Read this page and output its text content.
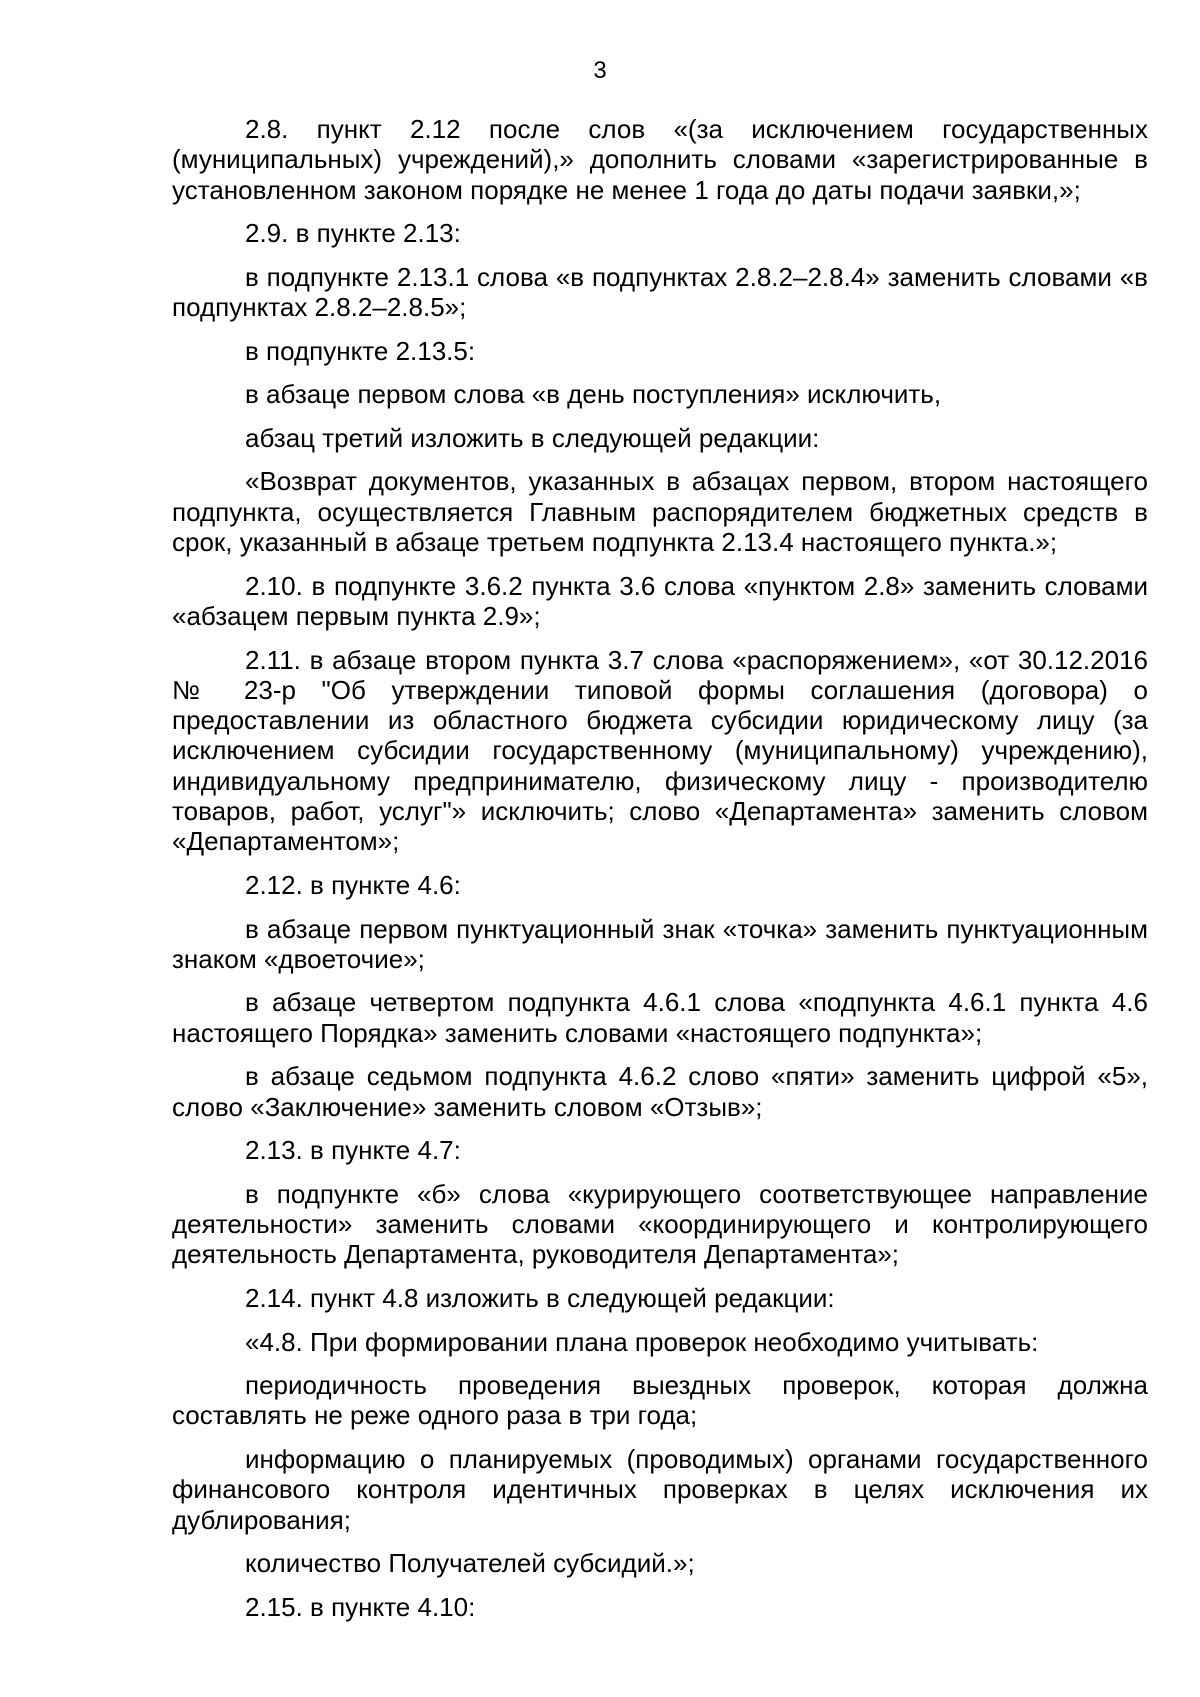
3

2.8. пункт 2.12 после слов «(за исключением государственных (муниципальных) учреждений),» дополнить словами «зарегистрированные в установленном законом порядке не менее 1 года до даты подачи заявки,»;

2.9. в пункте 2.13:

в подпункте 2.13.1 слова «в подпунктах 2.8.2–2.8.4» заменить словами «в подпунктах 2.8.2–2.8.5»;

в подпункте 2.13.5:

в абзаце первом слова «в день поступления» исключить,

абзац третий изложить в следующей редакции:

«Возврат документов, указанных в абзацах первом, втором настоящего подпункта, осуществляется Главным распорядителем бюджетных средств в срок, указанный в абзаце третьем подпункта 2.13.4 настоящего пункта.»;

2.10. в подпункте 3.6.2 пункта 3.6 слова «пунктом 2.8» заменить словами «абзацем первым пункта 2.9»;

2.11. в абзаце втором пункта 3.7 слова «распоряжением», «от 30.12.2016 № 23-р "Об утверждении типовой формы соглашения (договора) о предоставлении из областного бюджета субсидии юридическому лицу (за исключением субсидии государственному (муниципальному) учреждению), индивидуальному предпринимателю, физическому лицу - производителю товаров, работ, услуг"» исключить; слово «Департамента» заменить словом «Департаментом»;

2.12. в пункте 4.6:

в абзаце первом пунктуационный знак «точка» заменить пунктуационным знаком «двоеточие»;

в абзаце четвертом подпункта 4.6.1 слова «подпункта 4.6.1 пункта 4.6 настоящего Порядка» заменить словами «настоящего подпункта»;

в абзаце седьмом подпункта 4.6.2 слово «пяти» заменить цифрой «5», слово «Заключение» заменить словом «Отзыв»;

2.13. в пункте 4.7:

в подпункте «б» слова «курирующего соответствующее направление деятельности» заменить словами «координирующего и контролирующего деятельность Департамента, руководителя Департамента»;

2.14. пункт 4.8 изложить в следующей редакции:

«4.8. При формировании плана проверок необходимо учитывать:

периодичность проведения выездных проверок, которая должна составлять не реже одного раза в три года;

информацию о планируемых (проводимых) органами государственного финансового контроля идентичных проверках в целях исключения их дублирования;

количество Получателей субсидий.»;

2.15. в пункте 4.10:
